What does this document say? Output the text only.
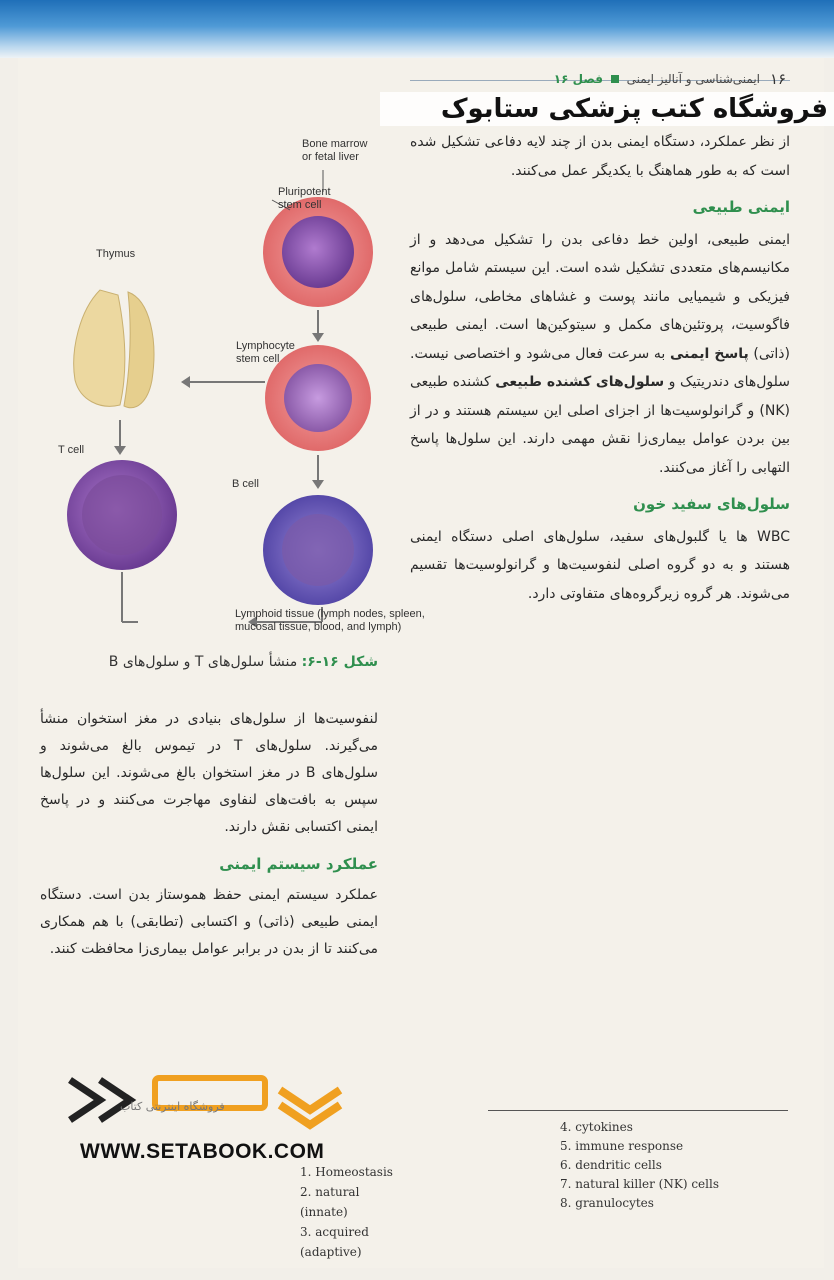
۱۶
ایمنی‌شناسی و آنالیز ایمنی  فصل ۱۶
فروشگاه کتب پزشکی ستابوک

از نظر عملکرد، دستگاه ایمنی بدن از چند لایه دفاعی تشکیل شده است که به طور هماهنگ با یکدیگر عمل می‌کنند.

ایمنی طبیعی

ایمنی طبیعی، اولین خط دفاعی بدن را تشکیل می‌دهد و از مکانیسم‌های متعددی تشکیل شده است. این سیستم شامل موانع فیزیکی و شیمیایی مانند پوست و غشاهای مخاطی، سلول‌های فاگوسیت، پروتئین‌های مکمل و سیتوکین‌ها است. ایمنی طبیعی (ذاتی) پاسخ ایمنی به سرعت فعال می‌شود و اختصاصی نیست. سلول‌های دندریتیک و سلول‌های کشنده طبیعی کشنده طبیعی (NK) و گرانولوسیت‌ها از اجزای اصلی این سیستم هستند و در از بین بردن عوامل بیماری‌زا نقش مهمی دارند. این سلول‌ها پاسخ التهابی را آغاز می‌کنند.

سلول‌های سفید خون

WBC ها یا گلبول‌های سفید، سلول‌های اصلی دستگاه ایمنی هستند و به دو گروه اصلی لنفوسیت‌ها و گرانولوسیت‌ها تقسیم می‌شوند. هر گروه زیرگروه‌های متفاوتی دارد.

Bone marrow
or fetal liver
Pluripotent
stem cell
Thymus
Lymphocyte
stem cell
T cell
B cell
Lymphoid tissue (lymph nodes, spleen,
mucosal tissue, blood, and lymph)
شکل ۱۶-۶: منشأ سلول‌های T و سلول‌های B

لنفوسیت‌ها از سلول‌های بنیادی در مغز استخوان منشأ می‌گیرند. سلول‌های T در تیموس بالغ می‌شوند و سلول‌های B در مغز استخوان بالغ می‌شوند. این سلول‌ها سپس به بافت‌های لنفاوی مهاجرت می‌کنند و در پاسخ ایمنی اکتسابی نقش دارند.

عملکرد سیستم ایمنی

عملکرد سیستم ایمنی حفظ هموستاز بدن است. دستگاه ایمنی طبیعی (ذاتی) و اکتسابی (تطابقی) با هم همکاری می‌کنند تا از بدن در برابر عوامل بیماری‌زا محافظت کنند.

فروشگاه اینترنتی کتاب
WWW.SETABOOK.COM
1. Homeostasis
2. natural (innate)
3. acquired (adaptive)
4. cytokines
5. immune response
6. dendritic cells
7. natural killer (NK) cells
8. granulocytes
